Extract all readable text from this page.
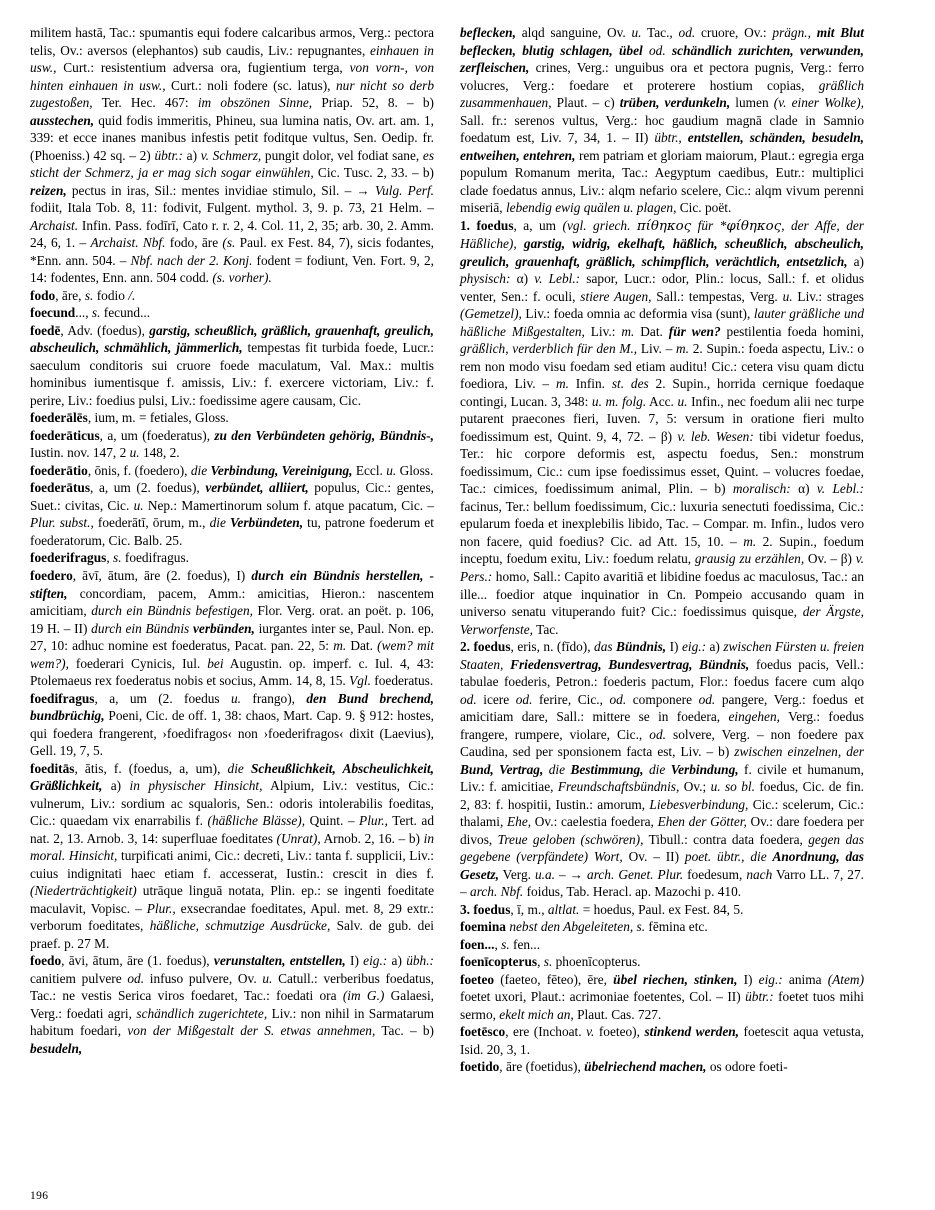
militem hastā, Tac.: spumantis equi fodere calcaribus armos, Verg.: pectora telis, Ov.: aversos (elephantos) sub caudis, Liv.: repugnantes, einhauen in usw., Curt.: resistentium adversa ora, fugientium terga, von vorn-, von hinten einhauen in usw., Curt.: noli fodere (sc. latus), nur nicht so derb zugestoßen, Ter. Hec. 467: im obszönen Sinne, Priap. 52, 8. – b) ausstechen, quid fodis immeritis, Phineu, sua lumina natis, Ov. art. am. 1, 339: et ecce inanes manibus infestis petit foditque vultus, Sen. Oedip. fr. (Phoeniss.) 42 sq. – 2) übtr.: a) v. Schmerz, pungit dolor, vel fodiat sane, es sticht der Schmerz, ja er mag sich sogar einwühlen, Cic. Tusc. 2, 33. – b) reizen, pectus in iras, Sil.: mentes invidiae stimulo, Sil. – → Vulg. Perf. fodiit, Itala Tob. 8, 11: fodivit, Fulgent. mythol. 3, 9. p. 73, 21 Helm. – Archaist. Infin. Pass. fodīrī, Cato r. r. 2, 4. Col. 11, 2, 35; arb. 30, 2. Amm. 24, 6, 1. – Archaist. Nbf. fodo, āre (s. Paul. ex Fest. 84, 7), sicis fodantes, *Enn. ann. 504. – Nbf. nach der 2. Konj. fodent = fodiunt, Ven. Fort. 9, 2, 14: fodentes, Enn. ann. 504 codd. (s. vorher).

fodo, āre, s. fodio /.

foecund..., s. fecund...

foedē, Adv. (foedus), garstig, scheußlich, gräßlich, grauenhaft, greulich, abscheulich, schmählich, jämmerlich, tempestas fit turbida foede, Lucr.: saeculum conditoris sui cruore foede maculatum, Val. Max.: multis hominibus iumentisque f. amissis, Liv.: f. exercere victoriam, Liv.: f. perire, Liv.: foedius pulsi, Liv.: foedissime agere causam, Cic.

foederālēs, ium, m. = fetiales, Gloss.

foederāticus, a, um (foederatus), zu den Verbündeten gehörig, Bündnis-, Iustin. nov. 147, 2 u. 148, 2.

foederātio, ōnis, f. (foedero), die Verbindung, Vereinigung, Eccl. u. Gloss.

foederātus, a, um (2. foedus), verbündet, alliiert, populus, Cic.: gentes, Suet.: civitas, Cic. u. Nep.: Mamertinorum solum f. atque pacatum, Cic. – Plur. subst., foederātī, ōrum, m., die Verbündeten, tu, patrone foederum et foederatorum, Cic. Balb. 25.

foederifragus, s. foedifragus.

foedero, āvī, ātum, āre (2. foedus), I) durch ein Bündnis herstellen, -stiften, concordiam, pacem, Amm.: amicitias, Hieron.: nascentem amicitiam, durch ein Bündnis befestigen, Flor. Verg. orat. an poët. p. 106, 19 H. – II) durch ein Bündnis verbünden, iurgantes inter se, Paul. Non. ep. 27, 10: adhuc nomine est foederatus, Pacat. pan. 22, 5: m. Dat. (wem? mit wem?), foederari Cynicis, Iul. bei Augustin. op. imperf. c. Iul. 4, 43: Ptolemaeus rex foederatus nobis et socius, Amm. 14, 8, 15. Vgl. foederatus.

foedifragus, a, um (2. foedus u. frango), den Bund brechend, bundbrüchig, Poeni, Cic. de off. 1, 38: chaos, Mart. Cap. 9. § 912: hostes, qui foedera frangerent, ›foedifragos‹ non ›foederifragos‹ dixit (Laevius), Gell. 19, 7, 5.

foeditās, ātis, f. (foedus, a, um), die Scheußlichkeit, Abscheulichkeit, Gräßlichkeit, a) in physischer Hinsicht, Alpium, Liv.: vestitus, Cic.: vulnerum, Liv.: sordium ac squaloris, Sen.: odoris intolerabilis foeditas, Cic.: quaedam vix enarrabilis f. (häßliche Blässe), Quint. – Plur., Tert. ad nat. 2, 13. Arnob. 3, 14: superfluae foeditates (Unrat), Arnob. 2, 16. – b) in moral. Hinsicht, turpificati animi, Cic.: decreti, Liv.: tanta f. supplicii, Liv.: cuius indignitati haec etiam f. accesserat, Iustin.: crescit in dies f. (Niederträchtigkeit) utrāque linguā notata, Plin. ep.: se ingenti foeditate maculavit, Vopisc. – Plur., exsecrandae foeditates, Apul. met. 8, 29 extr.: verborum foeditates, häßliche, schmutzige Ausdrücke, Salv. de gub. dei praef. p. 27 M.

foedo, āvi, ātum, āre (1. foedus), verunstalten, entstellen, I) eig.: a) übh.: canitiem pulvere od. infuso pulvere, Ov. u. Catull.: verberibus foedatus, Tac.: ne vestis Serica viros foedaret, Tac.: foedati ora (im G.) Galaesi, Verg.: foedati agri, schändlich zugerichtete, Liv.: non nihil in Sarmatarum habitum foedari, von der Mißgestalt der S. etwas annehmen, Tac. – b) besudeln,

beflecken, alqd sanguine, Ov. u. Tac., od. cruore, Ov.: prägn., mit Blut beflecken, blutig schlagen, übel od. schändlich zurichten, verwunden, zerfleischen, crines, Verg.: unguibus ora et pectora pugnis, Verg.: ferro volucres, Verg.: foedare et proterere hostium copias, gräßlich zusammenhauen, Plaut. – c) trüben, verdunkeln, lumen (v. einer Wolke), Sall. fr.: serenos vultus, Verg.: hoc gaudium magnā clade in Samnio foedatum est, Liv. 7, 34, 1. – II) übtr., entstellen, schänden, besudeln, entweihen, entehren, rem patriam et gloriam maiorum, Plaut.: egregia erga populum Romanum merita, Tac.: Aegyptum caedibus, Eutr.: multiplici clade foedatus annus, Liv.: alqm nefario scelere, Cic.: alqm vivum perenni miseriā, lebendig ewig quälen u. plagen, Cic. poët.

1. foedus, a, um (vgl. griech. πίθηκος für *φίθηκος, der Affe, der Häßliche), garstig, widrig, ekelhaft, häßlich, scheußlich, abscheulich, greulich, grauenhaft, gräßlich, schimpflich, verächtlich, entsetzlich, a) physisch: α) v. Lebl.: sapor, Lucr.: odor, Plin.: locus, Sall.: f. et olidus venter, Sen.: f. oculi, stiere Augen, Sall.: tempestas, Verg. u. Liv.: strages (Gemetzel), Liv.: foeda omnia ac deformia visa (sunt), lauter gräßliche und häßliche Mißgestalten, Liv.: m. Dat. für wen? pestilentia foeda homini, gräßlich, verderblich für den M., Liv. – m. 2. Supin.: foeda aspectu, Liv.: o rem non modo visu foedam sed etiam auditu! Cic.: cetera visu quam dictu foediora, Liv. – m. Infin. st. des 2. Supin., horrida cernique foedaque contingi, Lucan. 3, 348: u. m. folg. Acc. u. Infin., nec foedum alii nec turpe putarent praecones fieri, Iuven. 7, 5: versum in oratione fieri multo foedissimum est, Quint. 9, 4, 72. – β) v. leb. Wesen: tibi videtur foedus, Ter.: hic corpore deformis est, aspectu foedus, Sen.: monstrum foedissimum, Cic.: cum ipse foedissimus esset, Quint. – volucres foedae, Tac.: cimices, foedissimum animal, Plin. – b) moralisch: α) v. Lebl.: facinus, Ter.: bellum foedissimum, Cic.: luxuria senectuti foedissima, Cic.: epularum foeda et inexplebilis libido, Tac. – Compar. m. Infin., ludos vero non facere, quid foedius? Cic. ad Att. 15, 10. – m. 2. Supin., foedum inceptu, foedum exitu, Liv.: foedum relatu, grausig zu erzählen, Ov. – β) v. Pers.: homo, Sall.: Capito avaritiā et libidine foedus ac maculosus, Tac.: an ille... foedior atque inquinatior in Cn. Pompeio accusando quam in universo senatu vituperando fuit? Cic.: foedissimus quisque, der Ärgste, Verworfenste, Tac.

2. foedus, eris, n. (fīdo), das Bündnis, I) eig.: a) zwischen Fürsten u. freien Staaten, Friedensvertrag, Bundesvertrag, Bündnis, foedus pacis, Vell.: tabulae foederis, Petron.: foederis pactum, Flor.: foedus facere cum alqo od. icere od. ferire, Cic., od. componere od. pangere, Verg.: foedus et amicitiam dare, Sall.: mittere se in foedera, eingehen, Verg.: foedus frangere, rumpere, violare, Cic., od. solvere, Verg. – non foedere pax Caudina, sed per sponsionem facta est, Liv. – b) zwischen einzelnen, der Bund, Vertrag, die Bestimmung, die Verbindung, f. civile et humanum, Liv.: f. amicitiae, Freundschaftsbündnis, Ov.; u. so bl. foedus, Cic. de fin. 2, 83: f. hospitii, Iustin.: amorum, Liebesverbindung, Cic.: scelerum, Cic.: thalami, Ehe, Ov.: caelestia foedera, Ehen der Götter, Ov.: dare foedera per divos, Treue geloben (schwören), Tibull.: contra data foedera, gegen das gegebene (verpfändete) Wort, Ov. – II) poet. übtr., die Anordnung, das Gesetz, Verg. u.a. – → arch. Genet. Plur. foedesum, nach Varro LL. 7, 27. – arch. Nbf. foidus, Tab. Heracl. ap. Mazochi p. 410.

3. foedus, ī, m., altlat. = hoedus, Paul. ex Fest. 84, 5.

foemina nebst den Abgeleiteten, s. fēmina etc.

foen..., s. fen...

foenīcopterus, s. phoenīcopterus.

foeteo (faeteo, fēteo), ēre, übel riechen, stinken, I) eig.: anima (Atem) foetet uxori, Plaut.: acrimoniae foetentes, Col. – II) übtr.: foetet tuos mihi sermo, ekelt mich an, Plaut. Cas. 727.

foetēsco, ere (Inchoat. v. foeteo), stinkend werden, foetescit aqua vetusta, Isid. 20, 3, 1.

foetido, āre (foetidus), übelriechend machen, os odore foeti-

196
